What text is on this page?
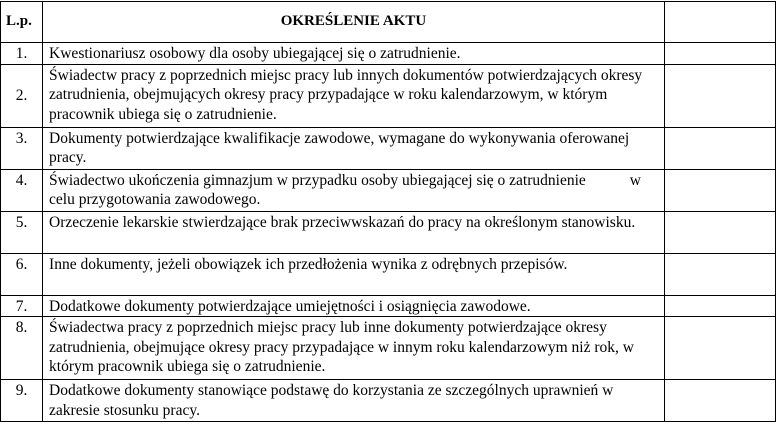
L.p.	OKREŚLENIE AKTU	
1.	Kwestionariusz osobowy dla osoby ubiegającej się o zatrudnienie.	
2.	Świadectw pracy z poprzednich miejsc pracy lub innych dokumentów potwierdzających okresy zatrudnienia, obejmujących okresy pracy przypadające w roku kalendarzowym, w którym pracownik ubiega się o zatrudnienie.	
3.	Dokumenty potwierdzające kwalifikacje zawodowe, wymagane do wykonywania oferowanej pracy.	
4.	Świadectwo ukończenia gimnazjum w przypadku osoby ubiegającej się o zatrudnienie w celu przygotowania zawodowego.	
5.	Orzeczenie lekarskie stwierdzające brak przeciwwskazań do pracy na określonym stanowisku.	
6.	Inne dokumenty, jeżeli obowiązek ich przedłożenia wynika z odrębnych przepisów.	
7.	Dodatkowe dokumenty potwierdzające umiejętności i osiągnięcia zawodowe.	
8.	Świadectwa pracy z poprzednich miejsc pracy lub inne dokumenty potwierdzające okresy zatrudnienia, obejmujące okresy pracy przypadające w innym roku kalendarzowym niż rok, w którym pracownik ubiega się o zatrudnienie.	
9.	Dodatkowe dokumenty stanowiące podstawę do korzystania ze szczególnych uprawnień w zakresie stosunku pracy.	
